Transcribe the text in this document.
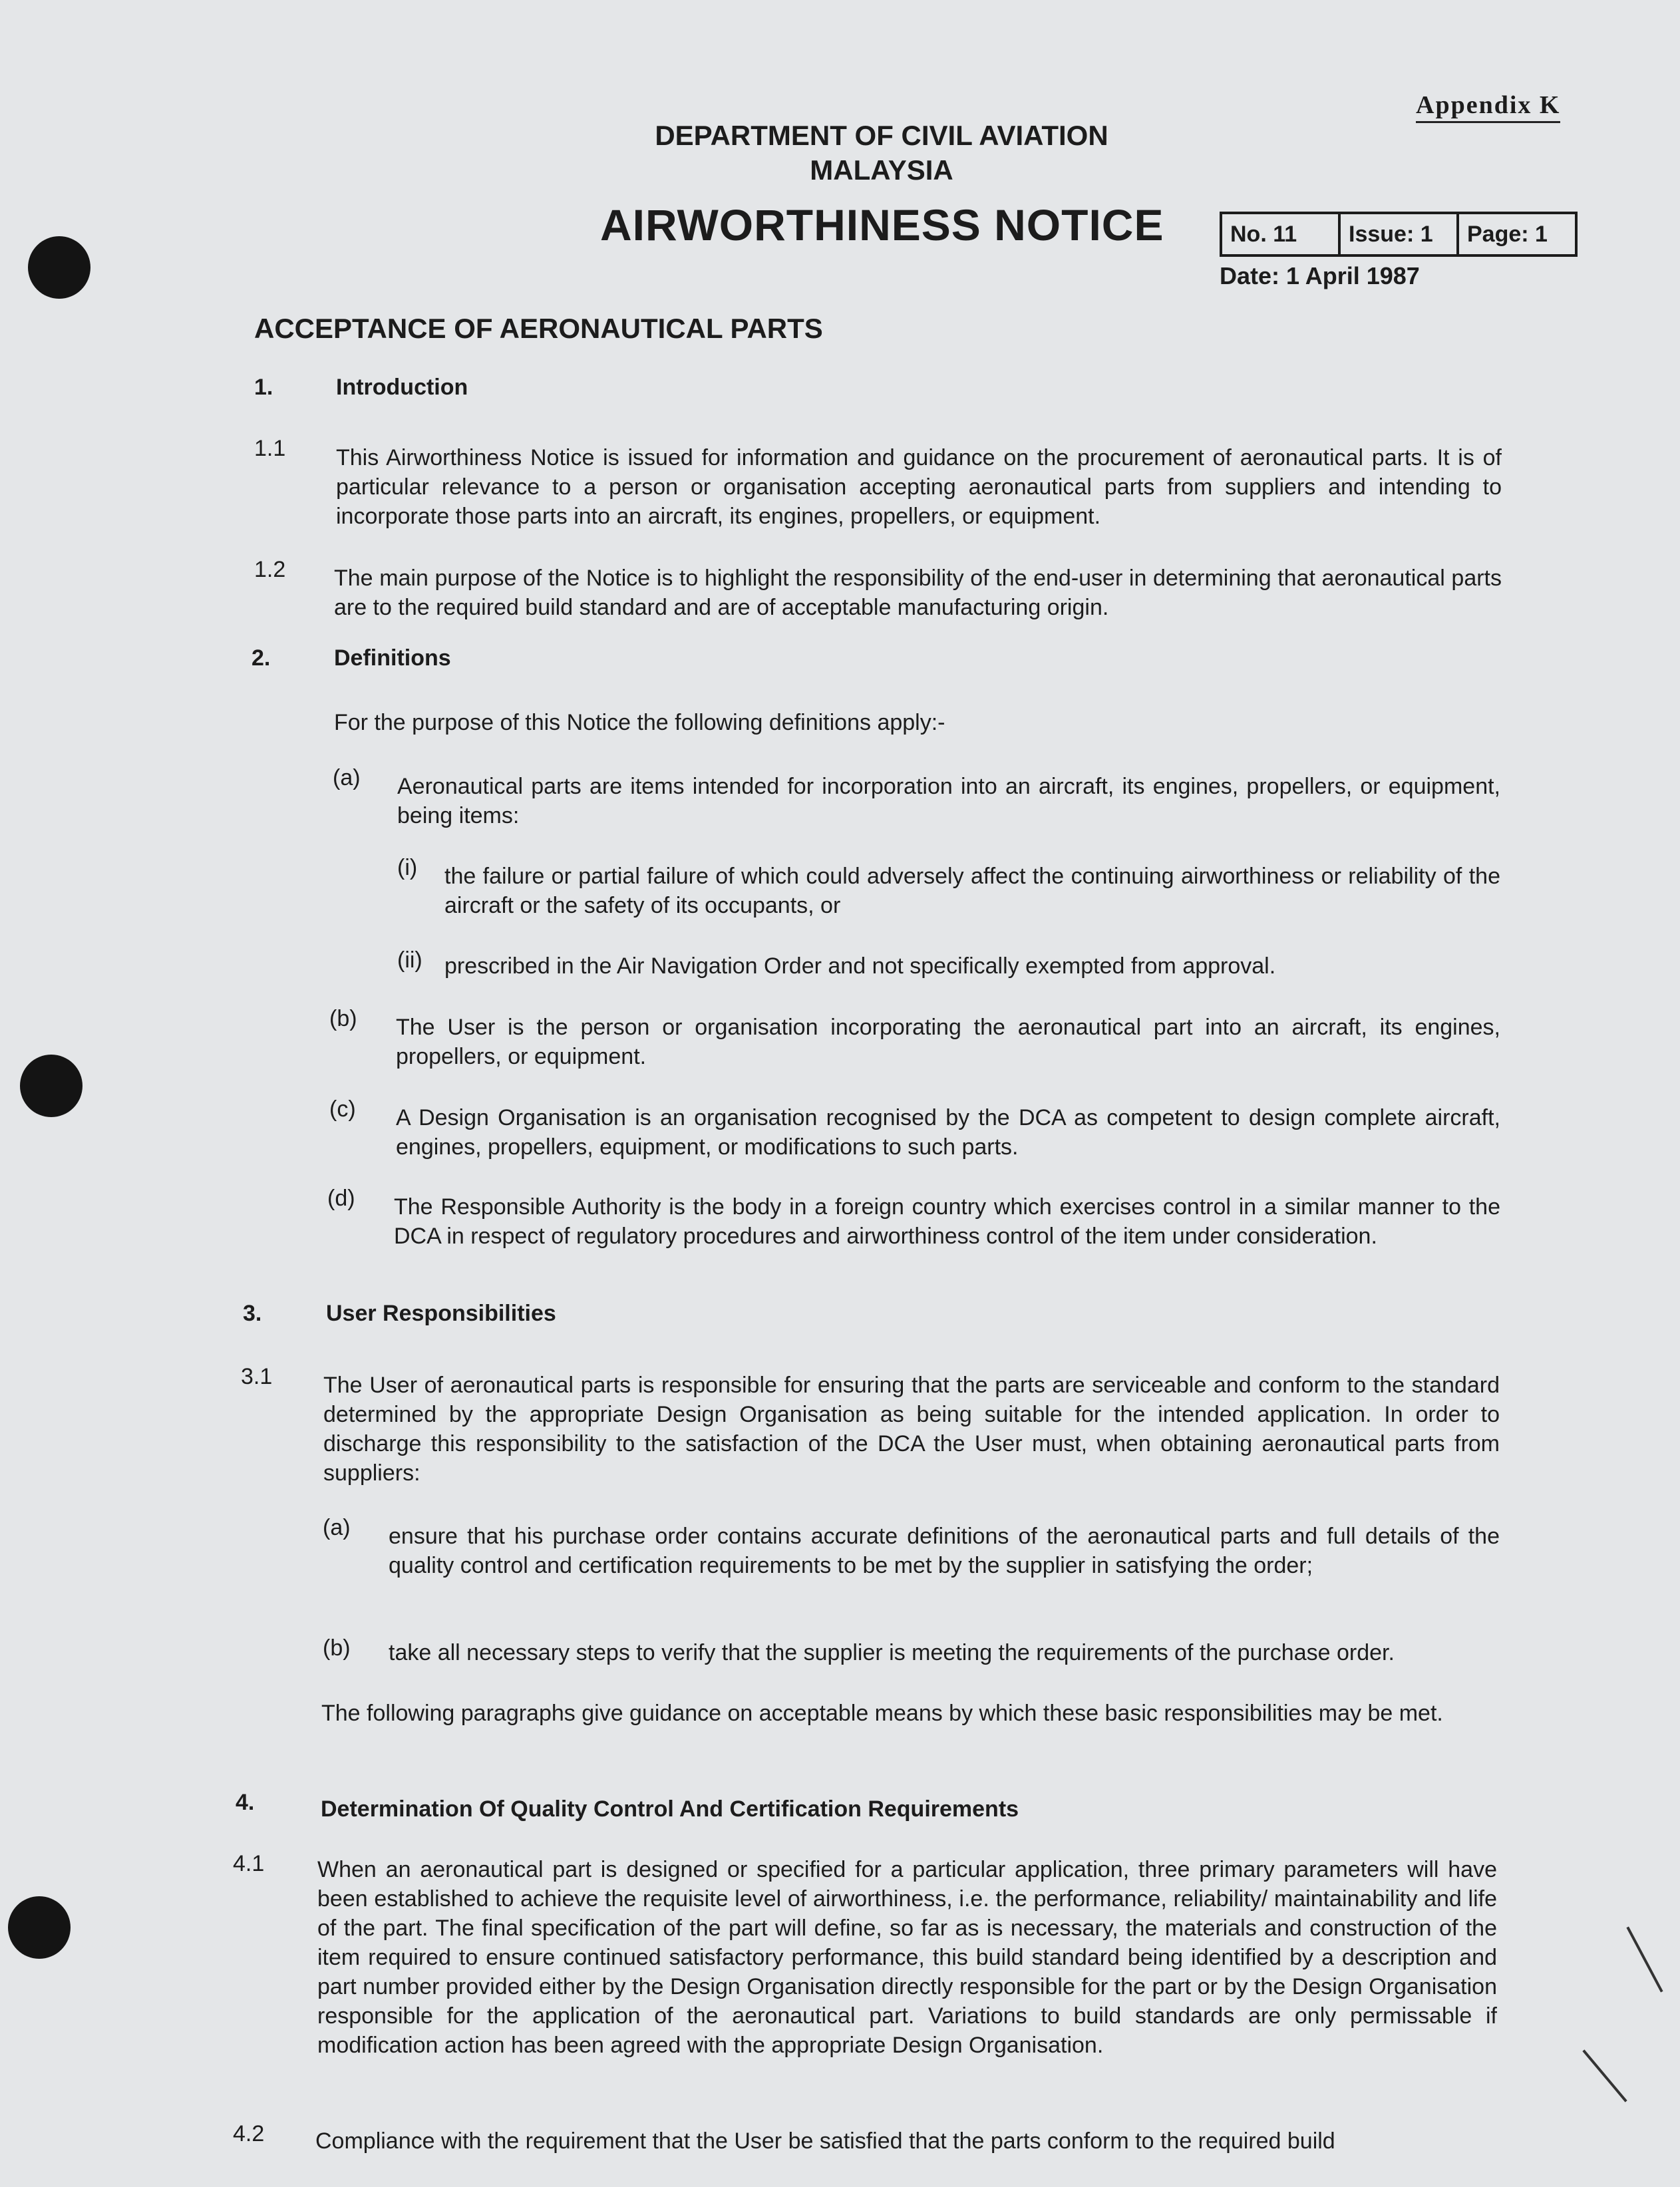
Appendix K
DEPARTMENT OF CIVIL AVIATION
MALAYSIA
AIRWORTHINESS NOTICE	No. 11	Issue: 1	Page: 1
Date: 1 April 1987
ACCEPTANCE OF AERONAUTICAL PARTS
1.	Introduction
1.1 This Airworthiness Notice is issued for information and guidance on the procurement of aeronautical parts. It is of particular relevance to a person or organisation accepting aeronautical parts from suppliers and intending to incorporate those parts into an aircraft, its engines, propellers, or equipment.
1.2 The main purpose of the Notice is to highlight the responsibility of the end-user in determining that aeronautical parts are to the required build standard and are of acceptable manufacturing origin.
2.	Definitions
For the purpose of this Notice the following definitions apply:-
(a) Aeronautical parts are items intended for incorporation into an aircraft, its engines, propellers, or equipment, being items:
(i) the failure or partial failure of which could adversely affect the continuing airworthiness or reliability of the aircraft or the safety of its occupants, or
(ii) prescribed in the Air Navigation Order and not specifically exempted from approval.
(b) The User is the person or organisation incorporating the aeronautical part into an aircraft, its engines, propellers, or equipment.
(c) A Design Organisation is an organisation recognised by the DCA as competent to design complete aircraft, engines, propellers, equipment, or modifications to such parts.
(d) The Responsible Authority is the body in a foreign country which exercises control in a similar manner to the DCA in respect of regulatory procedures and airworthiness control of the item under consideration.
3.	User Responsibilities
3.1 The User of aeronautical parts is responsible for ensuring that the parts are serviceable and conform to the standard determined by the appropriate Design Organisation as being suitable for the intended application. In order to discharge this responsibility to the satisfaction of the DCA the User must, when obtaining aeronautical parts from suppliers:
(a) ensure that his purchase order contains accurate definitions of the aeronautical parts and full details of the quality control and certification requirements to be met by the supplier in satisfying the order;
(b) take all necessary steps to verify that the supplier is meeting the requirements of the purchase order.
The following paragraphs give guidance on acceptable means by which these basic responsibilities may be met.
4.	Determination Of Quality Control And Certification Requirements
4.1 When an aeronautical part is designed or specified for a particular application, three primary parameters will have been established to achieve the requisite level of airworthiness, i.e. the performance, reliability/ maintainability and life of the part. The final specification of the part will define, so far as is necessary, the materials and construction of the item required to ensure continued satisfactory performance, this build standard being identified by a description and part number provided either by the Design Organisation directly responsible for the part or by the Design Organisation responsible for the application of the aeronautical part. Variations to build standards are only permissable if modification action has been agreed with the appropriate Design Organisation.
4.2 Compliance with the requirement that the User be satisfied that the parts conform to the required build
